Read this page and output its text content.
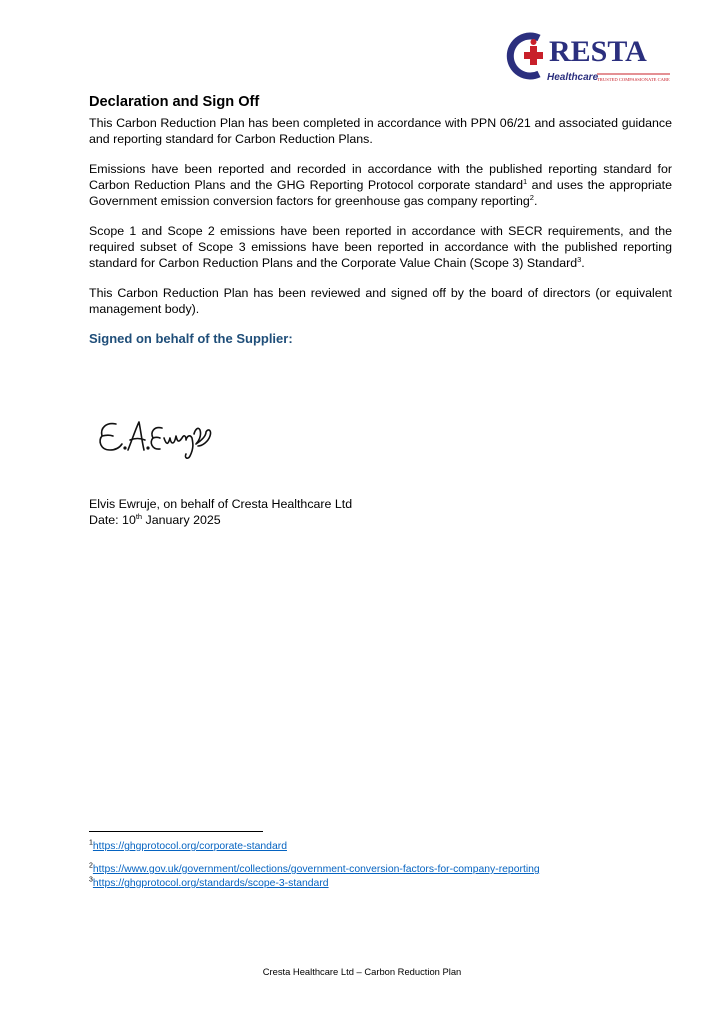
RESTA
Healthcare
TRUSTED COMPASSIONATE CARE
Declaration and Sign Off

This Carbon Reduction Plan has been completed in accordance with PPN 06/21 and associated guidance and reporting standard for Carbon Reduction Plans.

Emissions have been reported and recorded in accordance with the published reporting standard for Carbon Reduction Plans and the GHG Reporting Protocol corporate standard$^1$ and uses the appropriate Government emission conversion factors for greenhouse gas company reporting$^2$.

Scope 1 and Scope 2 emissions have been reported in accordance with SECR requirements, and the required subset of Scope 3 emissions have been reported in accordance with the published reporting standard for Carbon Reduction Plans and the Corporate Value Chain (Scope 3) Standard$^3$.

This Carbon Reduction Plan has been reviewed and signed off by the board of directors (or equivalent management body).

Signed on behalf of the Supplier:
Elvis Ewruje, on behalf of Cresta Healthcare Ltd
Date: 10th January 2025
$^1$https://ghgprotocol.org/corporate-standard
$^2$https://www.gov.uk/government/collections/government-conversion-factors-for-company-reporting
$^3$https://ghgprotocol.org/standards/scope-3-standard
Cresta Healthcare Ltd – Carbon Reduction Plan
